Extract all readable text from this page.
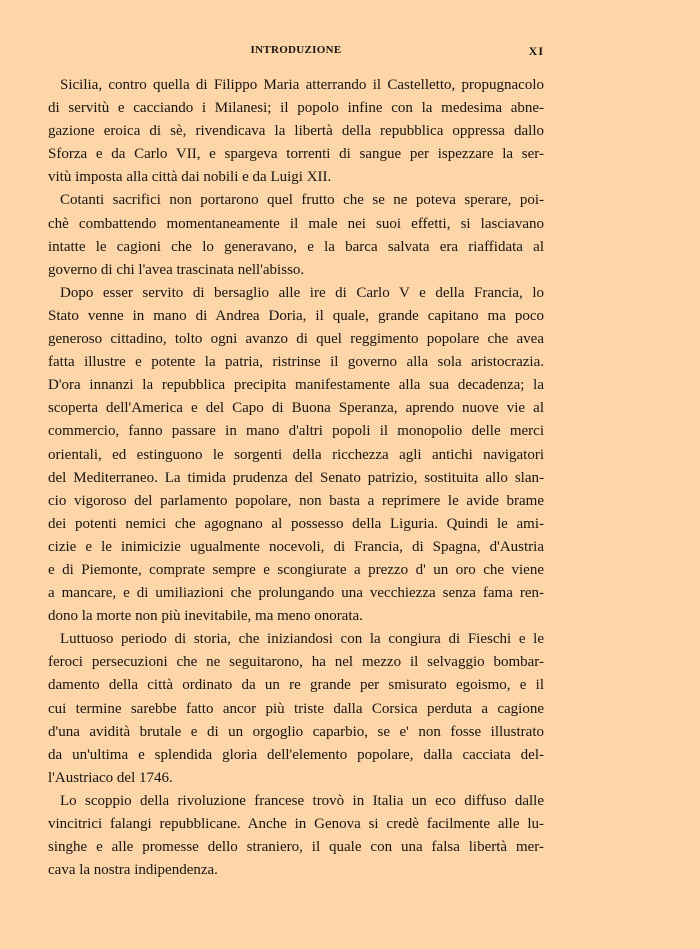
INTRODUZIONE	XI
Sicilia, contro quella di Filippo Maria atterrando il Castelletto, propugnacolo
di servitù e cacciando i Milanesi; il popolo infine con la medesima abne-
gazione eroica di sè, rivendicava la libertà della repubblica oppressa dallo
Sforza e da Carlo VII, e spargeva torrenti di sangue per ispezzare la ser-
vitù imposta alla città dai nobili e da Luigi XII.
Cotanti sacrifici non portarono quel frutto che se ne poteva sperare, poi-
chè combattendo momentaneamente il male nei suoi effetti, si lasciavano
intatte le cagioni che lo generavano, e la barca salvata era riaffidata al
governo di chi l'avea trascinata nell'abisso.
Dopo esser servito di bersaglio alle ire di Carlo V e della Francia, lo
Stato venne in mano di Andrea Doria, il quale, grande capitano ma poco
generoso cittadino, tolto ogni avanzo di quel reggimento popolare che avea
fatta illustre e potente la patria, ristrinse il governo alla sola aristocrazia.
D'ora innanzi la repubblica precipita manifestamente alla sua decadenza; la
scoperta dell'America e del Capo di Buona Speranza, aprendo nuove vie al
commercio, fanno passare in mano d'altri popoli il monopolio delle merci
orientali, ed estinguono le sorgenti della ricchezza agli antichi navigatori
del Mediterraneo. La timida prudenza del Senato patrizio, sostituita allo slan-
cio vigoroso del parlamento popolare, non basta a reprimere le avide brame
dei potenti nemici che agognano al possesso della Liguria. Quindi le ami-
cizie e le inimicizie ugualmente nocevoli, di Francia, di Spagna, d'Austria
e di Piemonte, comprate sempre e scongiurate a prezzo d' un oro che viene
a mancare, e di umiliazioni che prolungando una vecchiezza senza fama ren-
dono la morte non più inevitabile, ma meno onorata.
Luttuoso periodo di storia, che iniziandosi con la congiura di Fieschi e le
feroci persecuzioni che ne seguitarono, ha nel mezzo il selvaggio bombar-
damento della città ordinato da un re grande per smisurato egoismo, e il
cui termine sarebbe fatto ancor più triste dalla Corsica perduta a cagione
d'una avidità brutale e di un orgoglio caparbio, se e' non fosse illustrato
da un'ultima e splendida gloria dell'elemento popolare, dalla cacciata del-
l'Austriaco del 1746.
Lo scoppio della rivoluzione francese trovò in Italia un eco diffuso dalle
vincitrici falangi repubblicane. Anche in Genova si credè facilmente alle lu-
singhe e alle promesse dello straniero, il quale con una falsa libertà mer-
cava la nostra indipendenza.
